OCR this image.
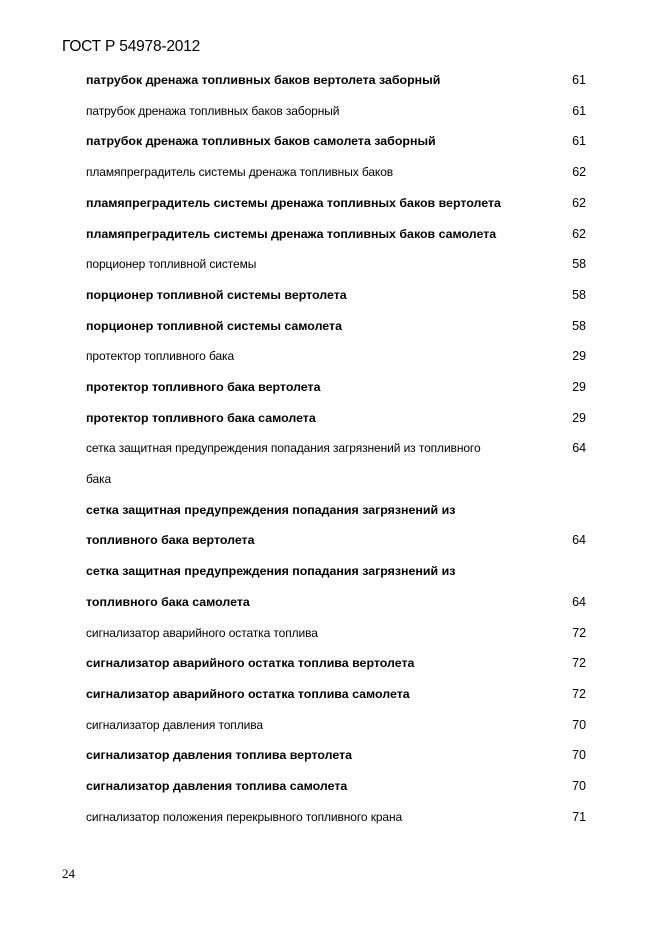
ГОСТ Р 54978-2012
патрубок дренажа топливных баков вертолета заборный	61
патрубок дренажа топливных баков заборный	61
патрубок дренажа топливных баков самолета заборный	61
пламяпреградитель системы дренажа топливных баков	62
пламяпреградитель системы дренажа топливных баков вертолета	62
пламяпреградитель системы дренажа топливных баков самолета	62
порционер топливной системы	58
порционер топливной системы вертолета	58
порционер топливной системы самолета	58
протектор топливного бака	29
протектор топливного бака вертолета	29
протектор топливного бака самолета	29
сетка защитная предупреждения попадания загрязнений из топливного	64
бака
сетка защитная предупреждения попадания загрязнений из
топливного бака вертолета	64
сетка защитная предупреждения попадания загрязнений из
топливного бака самолета	64
сигнализатор аварийного остатка топлива	72
сигнализатор аварийного остатка топлива вертолета	72
сигнализатор аварийного остатка топлива самолета	72
сигнализатор давления топлива	70
сигнализатор давления топлива вертолета	70
сигнализатор давления топлива самолета	70
сигнализатор положения перекрывного топливного крана	71
24
